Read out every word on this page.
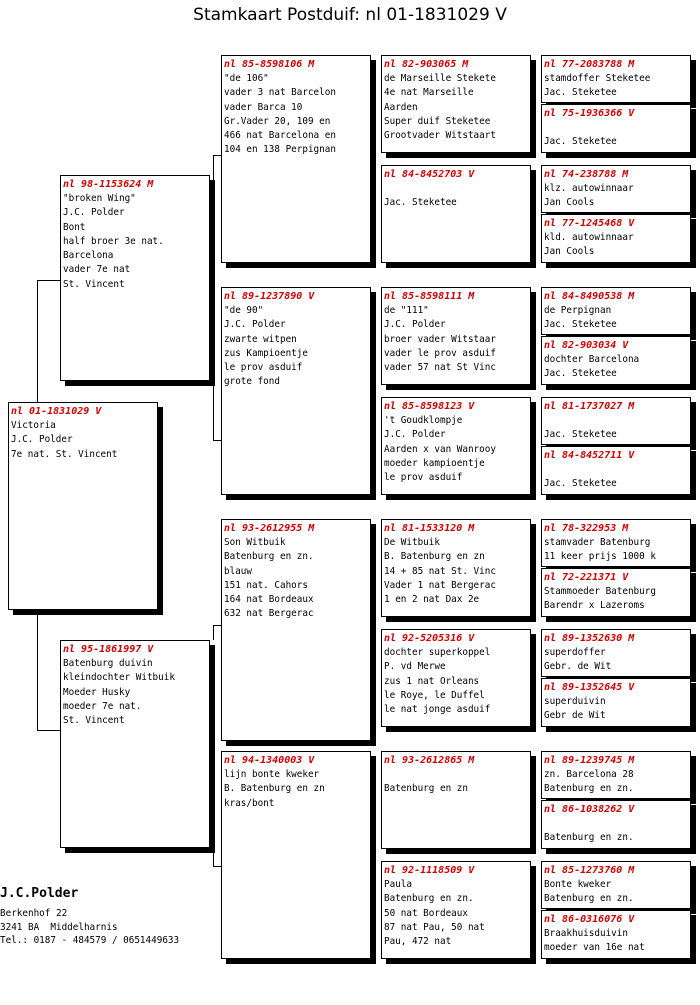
Stamkaart Postduif: nl 01-1831029 V
nl 01-1831029 V
Victoria
J.C. Polder
7e nat. St. Vincent
nl 98-1153624 M
"broken Wing"
J.C. Polder
Bont
half broer 3e nat.
Barcelona
vader 7e nat
St. Vincent
nl 95-1861997 V
Batenburg duivin
kleindochter Witbuik
Moeder Husky
moeder 7e nat.
St. Vincent
nl 85-8598106 M
"de 106"
vader 3 nat Barcelon
vader Barca 10
Gr.Vader 20, 109 en
466 nat Barcelona en
104 en 138 Perpignan
nl 89-1237890 V
"de 90"
J.C. Polder
zwarte witpen
zus Kampioentje
le prov asduif
grote fond
nl 93-2612955 M
Son Witbuik
Batenburg en zn.
blauw
151 nat. Cahors
164 nat Bordeaux
632 nat Bergerac
nl 94-1340003 V
lijn bonte kweker
B. Batenburg en zn
kras/bont
nl 82-903065 M
de Marseille Stekete
4e nat Marseille
Aarden
Super duif Steketee
Grootvader Witstaart
nl 84-8452703 V

Jac. Steketee
nl 85-8598111 M
de "111"
J.C. Polder
broer vader Witstaar
vader le prov asduif
vader 57 nat St Vinc
nl 85-8598123 V
't Goudklompje
J.C. Polder
Aarden x van Wanrooy
moeder kampioentje
le prov asduif
nl 81-1533120 M
De Witbuik
B. Batenburg en zn
14 + 85 nat St. Vinc
Vader 1 nat Bergerac
1 en 2 nat Dax 2e
nl 92-5205316 V
dochter superkoppel
P. vd Merwe
zus 1 nat Orleans
le Roye, le Duffel
le nat jonge asduif
nl 93-2612865 M

Batenburg en zn
nl 92-1118509 V
Paula
Batenburg en zn.
50 nat Bordeaux
87 nat Pau, 50 nat
Pau, 472 nat
nl 77-2083788 M
stamdoffer Steketee
Jac. Steketee
nl 75-1936366 V

Jac. Steketee
nl 74-238788 M
klz. autowinnaar
Jan Cools
nl 77-1245468 V
kld. autowinnaar
Jan Cools
nl 84-8490538 M
de Perpignan
Jac. Steketee
nl 82-903034 V
dochter Barcelona
Jac. Steketee
nl 81-1737027 M

Jac. Steketee
nl 84-8452711 V

Jac. Steketee
nl 78-322953 M
stamvader Batenburg
11 keer prijs 1000 k
nl 72-221371 V
Stammoeder Batenburg
Barendr x Lazeroms
nl 89-1352630 M
superdoffer
Gebr. de Wit
nl 89-1352645 V
superduivin
Gebr de Wit
nl 89-1239745 M
zn. Barcelona 28
Batenburg en zn.
nl 86-1038262 V

Batenburg en zn.
nl 85-1273760 M
Bonte kweker
Batenburg en zn.
nl 86-0316076 V
Braakhuisduivin
moeder van 16e nat
J.C.Polder
Berkenhof 22
3241 BA  Middelharnis
Tel.: 0187 - 484579 / 0651449633
